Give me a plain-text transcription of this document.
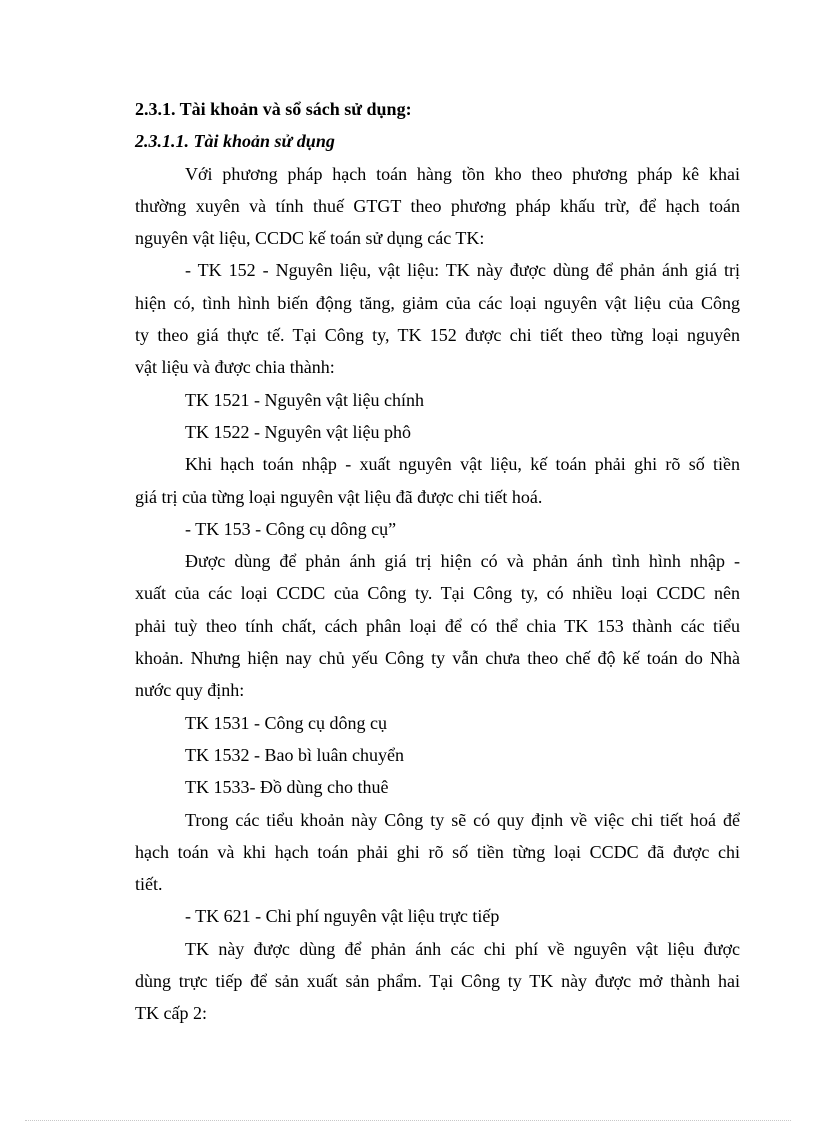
2.3.1. Tài khoản và sổ sách sử dụng:

2.3.1.1. Tài khoản sử dụng

Với phương pháp hạch toán hàng tồn kho theo phương pháp kê khai

thường xuyên và tính thuế GTGT theo phương pháp khấu trừ, để hạch toán

nguyên vật liệu, CCDC kế toán sử dụng các TK:

- TK 152 - Nguyên liệu, vật liệu: TK này được dùng để phản ánh giá trị

hiện có, tình hình biến động tăng, giảm của các loại nguyên vật liệu của Công

ty theo giá thực tế. Tại Công ty, TK 152 được chi tiết theo từng loại nguyên

vật liệu và được chia thành:

TK 1521 - Nguyên vật liệu chính

TK 1522 - Nguyên vật liệu phô

Khi hạch toán nhập - xuất nguyên vật liệu, kế toán phải ghi rõ số tiền

giá trị của từng loại nguyên vật liệu đã được chi tiết hoá.

- TK 153 - Công cụ dông cụ”

Được dùng để phản ánh giá trị hiện có và phản ánh tình hình nhập -

xuất của các loại CCDC của Công ty. Tại Công ty, có nhiều loại CCDC nên

phải tuỳ theo tính chất, cách phân loại để có thể chia TK 153 thành các tiểu

khoản. Nhưng hiện nay chủ yếu Công ty vẫn chưa theo chế độ kế toán do Nhà

nước quy định:

TK 1531 - Công cụ dông cụ

TK 1532 - Bao bì luân chuyển

TK 1533- Đồ dùng cho thuê

Trong các tiểu khoản này Công ty sẽ có quy định về việc chi tiết hoá để

hạch toán và khi hạch toán phải ghi rõ số tiền từng loại CCDC đã được chi

tiết.

- TK 621 - Chi phí nguyên vật liệu trực tiếp

TK này được dùng để phản ánh các chi phí về nguyên vật liệu được

dùng trực tiếp để sản xuất sản phẩm. Tại Công ty TK này được mở thành hai

TK cấp 2:
